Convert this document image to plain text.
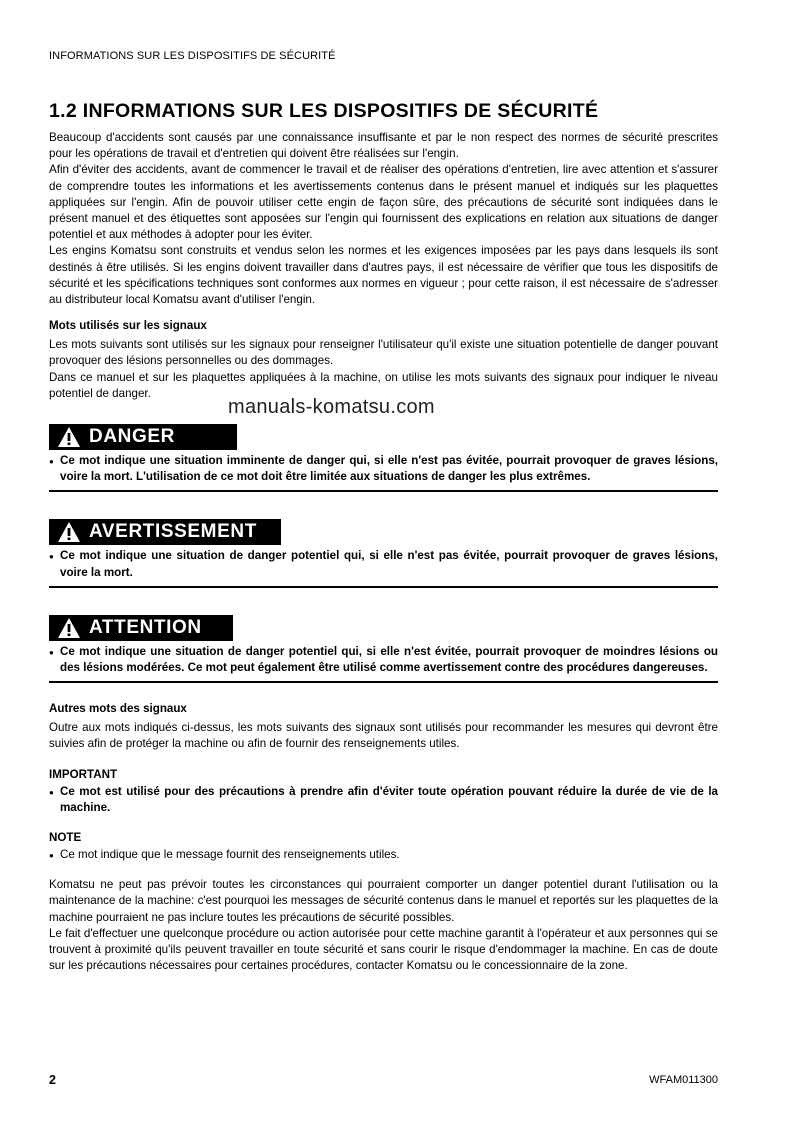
INFORMATIONS SUR LES DISPOSITIFS DE SÉCURITÉ
1.2 INFORMATIONS SUR LES DISPOSITIFS DE SÉCURITÉ

Beaucoup d'accidents sont causés par une connaissance insuffisante et par le non respect des normes de sécurité prescrites pour les opérations de travail et d'entretien qui doivent être réalisées sur l'engin.

Afin d'éviter des accidents, avant de commencer le travail et de réaliser des opérations d'entretien, lire avec attention et s'assurer de comprendre toutes les informations et les avertissements contenus dans le présent manuel et indiqués sur les plaquettes appliquées sur l'engin. Afin de pouvoir utiliser cette engin de façon sûre, des précautions de sécurité sont indiquées dans le présent manuel et des étiquettes sont apposées sur l'engin qui fournissent des explications en relation aux situations de danger potentiel et aux méthodes à adopter pour les éviter.

Les engins Komatsu sont construits et vendus selon les normes et les exigences imposées par les pays dans lesquels ils sont destinés à être utilisés. Si les engins doivent travailler dans d'autres pays, il est nécessaire de vérifier que tous les dispositifs de sécurité et les spécifications techniques sont conformes aux normes en vigueur ; pour cette raison, il est nécessaire de s'adresser au distributeur local Komatsu avant d'utiliser l'engin.

Mots utilisés sur les signaux

Les mots suivants sont utilisés sur les signaux pour renseigner l'utilisateur qu'il existe une situation potentielle de danger pouvant provoquer des lésions personnelles ou des dommages.

Dans ce manuel et sur les plaquettes appliquées à la machine, on utilise les mots suivants des signaux pour indiquer le niveau potentiel de danger.

DANGER
● Ce mot indique une situation imminente de danger qui, si elle n'est pas évitée, pourrait provoquer de graves lésions, voire la mort. L'utilisation de ce mot doit être limitée aux situations de danger les plus extrêmes.
AVERTISSEMENT
● Ce mot indique une situation de danger potentiel qui, si elle n'est pas évitée, pourrait provoquer de graves lésions, voire la mort.
ATTENTION
● Ce mot indique une situation de danger potentiel qui, si elle n'est évitée, pourrait provoquer de moindres lésions ou des lésions modérées. Ce mot peut également être utilisé comme avertissement contre des procédures dangereuses.
Autres mots des signaux

Outre aux mots indiqués ci-dessus, les mots suivants des signaux sont utilisés pour recommander les mesures qui devront être suivies afin de protéger la machine ou afin de fournir des renseignements utiles.

IMPORTANT
● Ce mot est utilisé pour des précautions à prendre afin d'éviter toute opération pouvant réduire la durée de vie de la machine.
NOTE
● Ce mot indique que le message fournit des renseignements utiles.

Komatsu ne peut pas prévoir toutes les circonstances qui pourraient comporter un danger potentiel durant l'utilisation ou la maintenance de la machine: c'est pourquoi les messages de sécurité contenus dans le manuel et reportés sur les plaquettes de la machine pourraient ne pas inclure toutes les précautions de sécurité possibles.

Le fait d'effectuer une quelconque procédure ou action autorisée pour cette machine garantit à l'opérateur et aux personnes qui se trouvent à proximité qu'ils peuvent travailler en toute sécurité et sans courir le risque d'endommager la machine. En cas de doute sur les précautions nécessaires pour certaines procédures, contacter Komatsu ou le concessionnaire de la zone.

manuals-komatsu.com
2	WFAM011300
